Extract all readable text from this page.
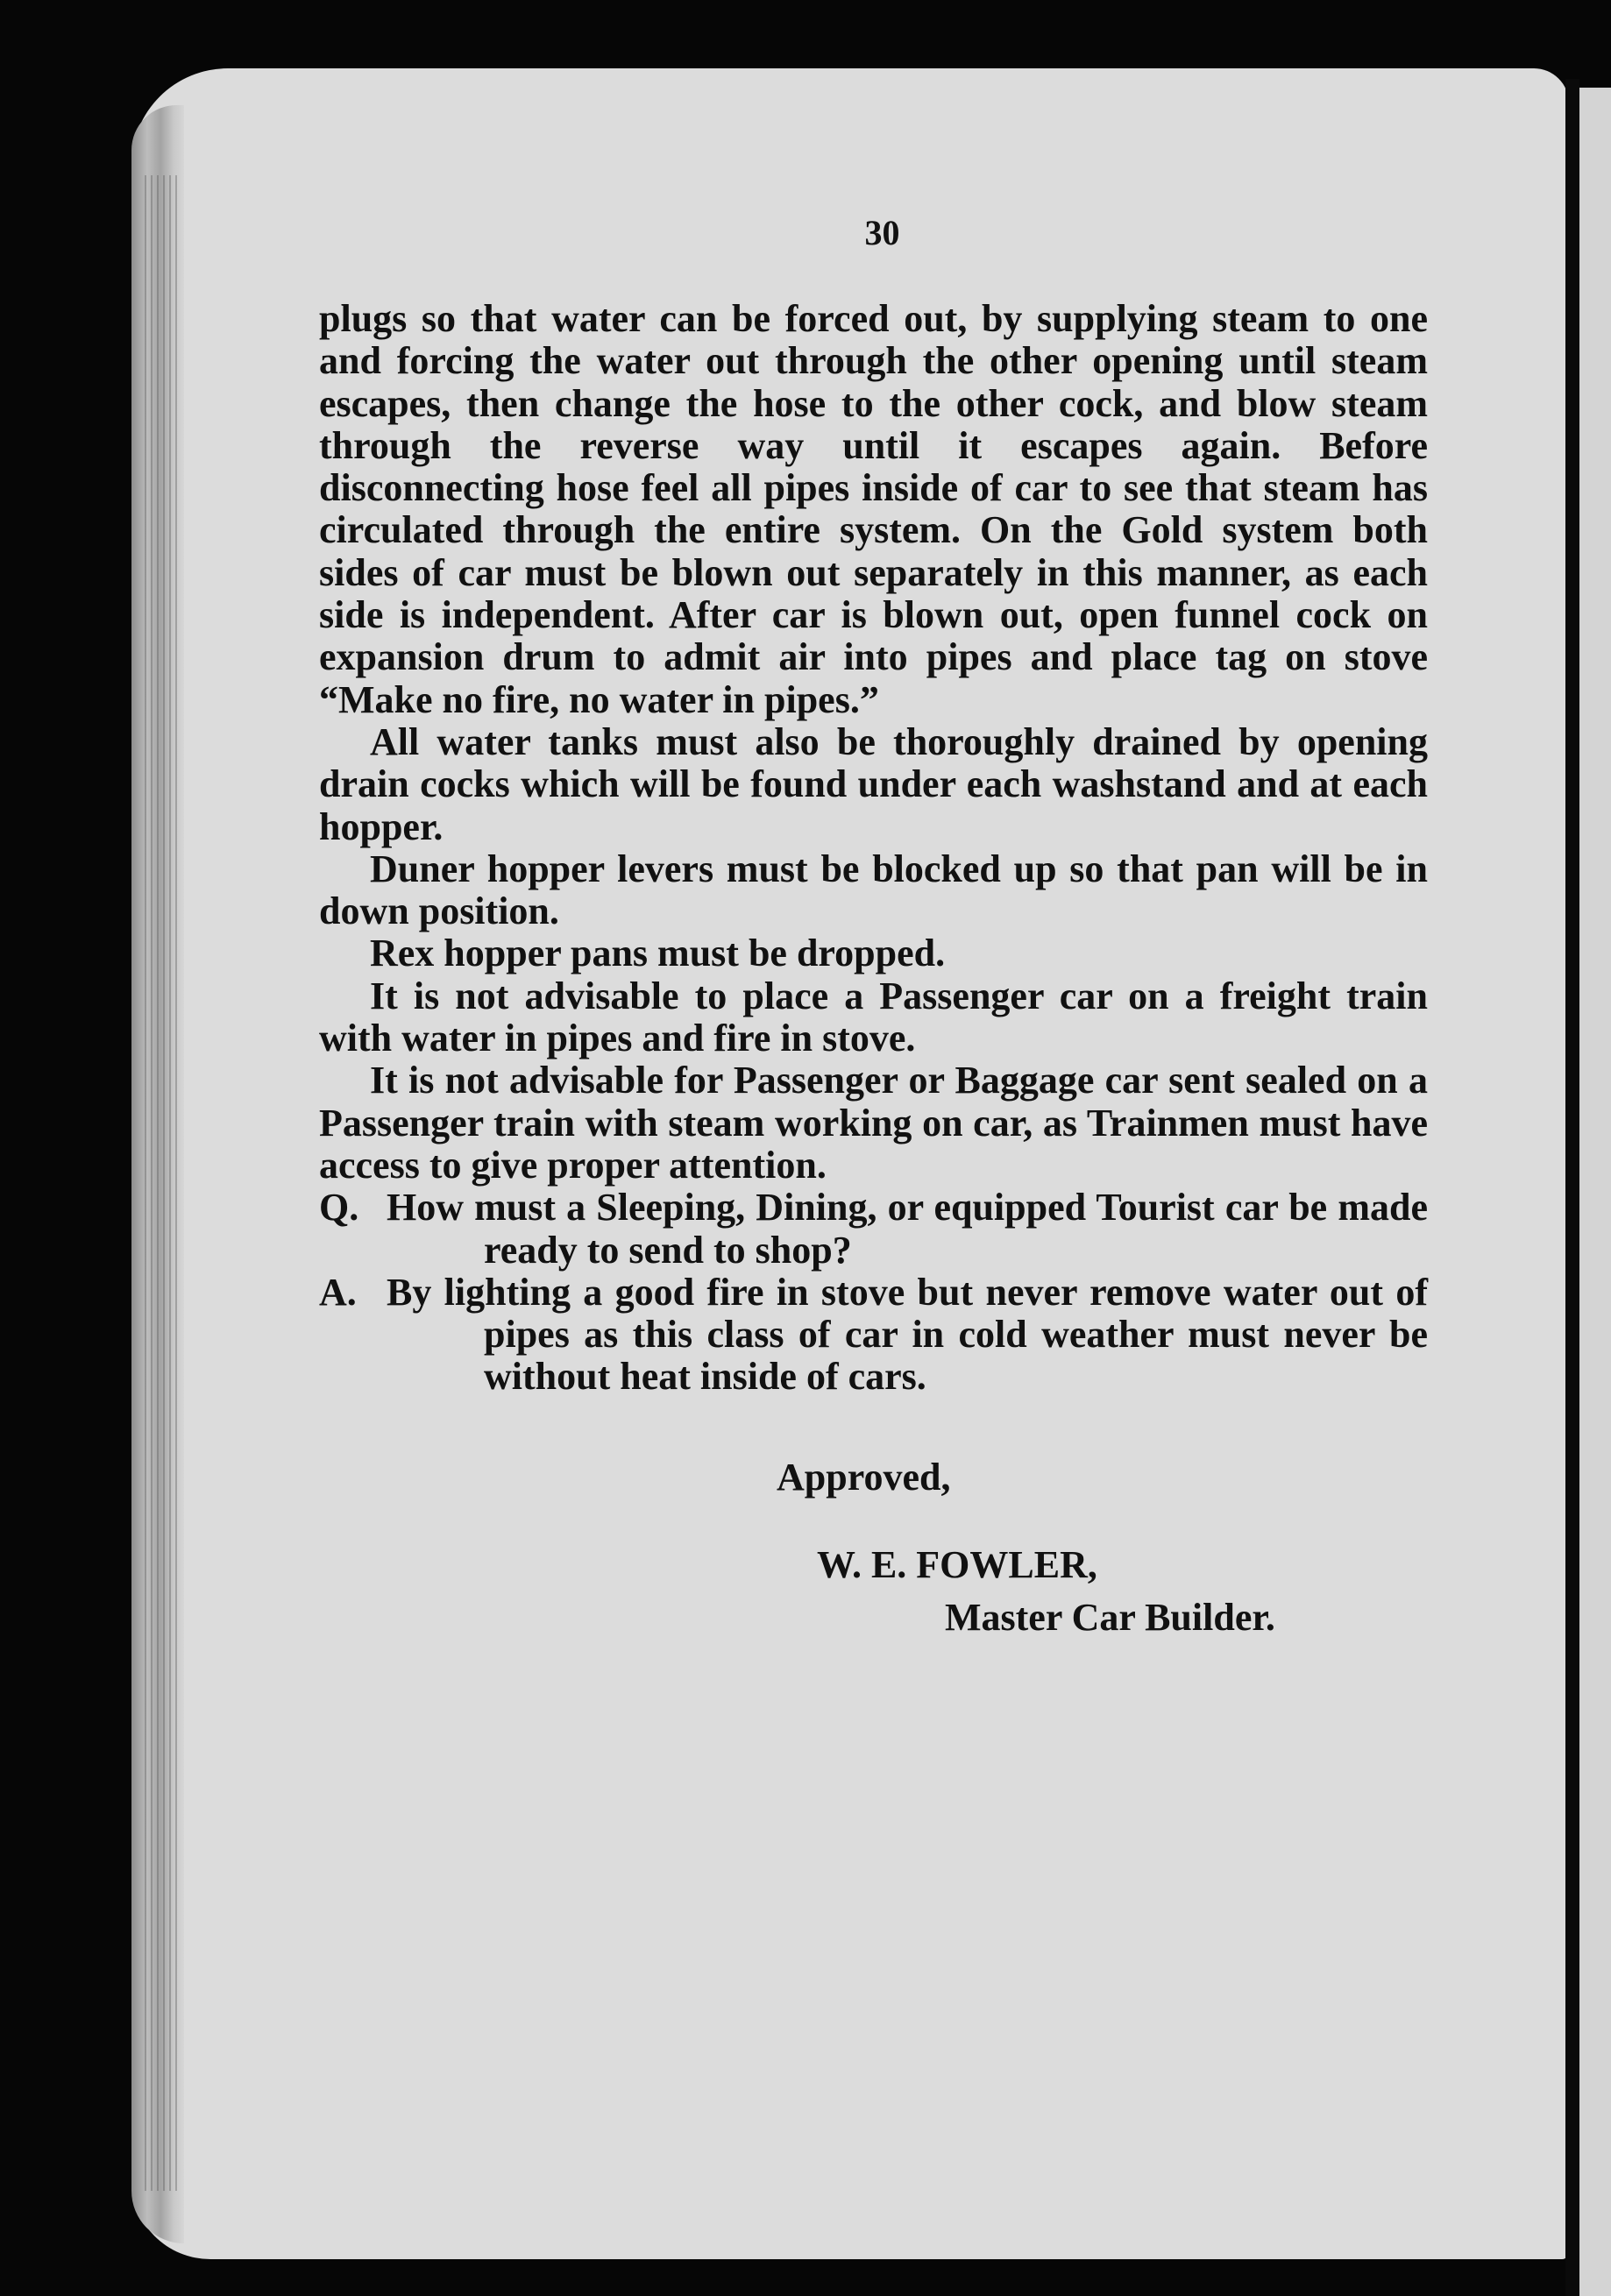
30

plugs so that water can be forced out, by supplying steam to one and forcing the water out through the other opening until steam escapes, then change the hose to the other cock, and blow steam through the reverse way until it escapes again. Before disconnecting hose feel all pipes inside of car to see that steam has circulated through the entire system. On the Gold system both sides of car must be blown out separately in this manner, as each side is independent. After car is blown out, open funnel cock on expansion drum to admit air into pipes and place tag on stove “Make no fire, no water in pipes.”

All water tanks must also be thoroughly drained by opening drain cocks which will be found under each washstand and at each hopper.

Duner hopper levers must be blocked up so that pan will be in down position.

Rex hopper pans must be dropped.

It is not advisable to place a Passenger car on a freight train with water in pipes and fire in stove.

It is not advisable for Passenger or Baggage car sent sealed on a Passenger train with steam working on car, as Trainmen must have access to give proper attention.

Q. How must a Sleeping, Dining, or equipped Tourist car be made ready to send to shop?
A. By lighting a good fire in stove but never remove water out of pipes as this class of car in cold weather must never be without heat inside of cars.
Approved,
W. E. FOWLER,
Master Car Builder.
